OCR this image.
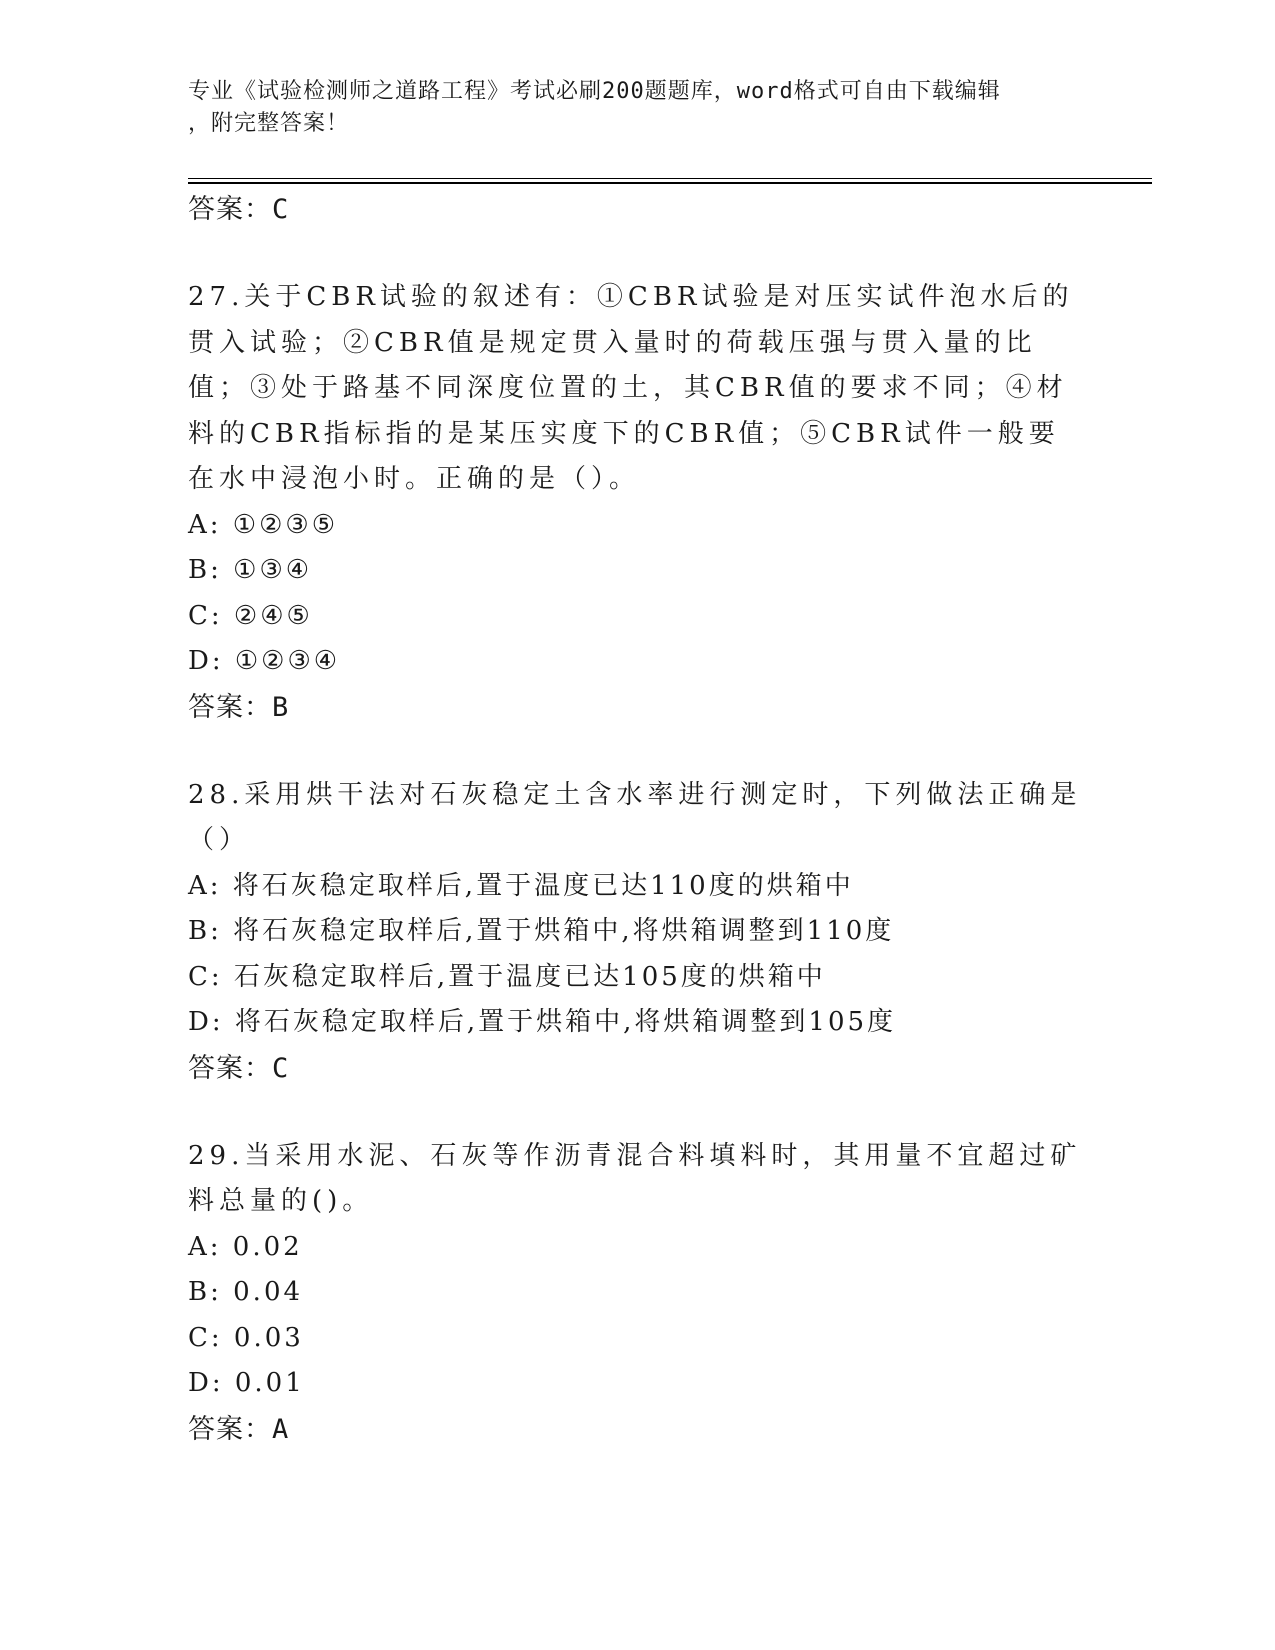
专业《试验检测师之道路工程》考试必刷200题题库，word格式可自由下载编辑
，附完整答案！

答案：C

27.关于CBR试验的叙述有：①CBR试验是对压实试件泡水后的贯入试验；②CBR值是规定贯入量时的荷载压强与贯入量的比值；③处于路基不同深度位置的土，其CBR值的要求不同；④材料的CBR指标指的是某压实度下的CBR值；⑤CBR试件一般要在水中浸泡小时。正确的是（）。

A: ①②③⑤

B: ①③④

C: ②④⑤

D: ①②③④

答案：B

28.采用烘干法对石灰稳定土含水率进行测定时，下列做法正确是（）

A: 将石灰稳定取样后,置于温度已达110度的烘箱中

B: 将石灰稳定取样后,置于烘箱中,将烘箱调整到110度

C: 石灰稳定取样后,置于温度已达105度的烘箱中

D: 将石灰稳定取样后,置于烘箱中,将烘箱调整到105度

答案：C

29.当采用水泥、石灰等作沥青混合料填料时，其用量不宜超过矿料总量的()。

A: 0.02

B: 0.04

C: 0.03

D: 0.01

答案：A
